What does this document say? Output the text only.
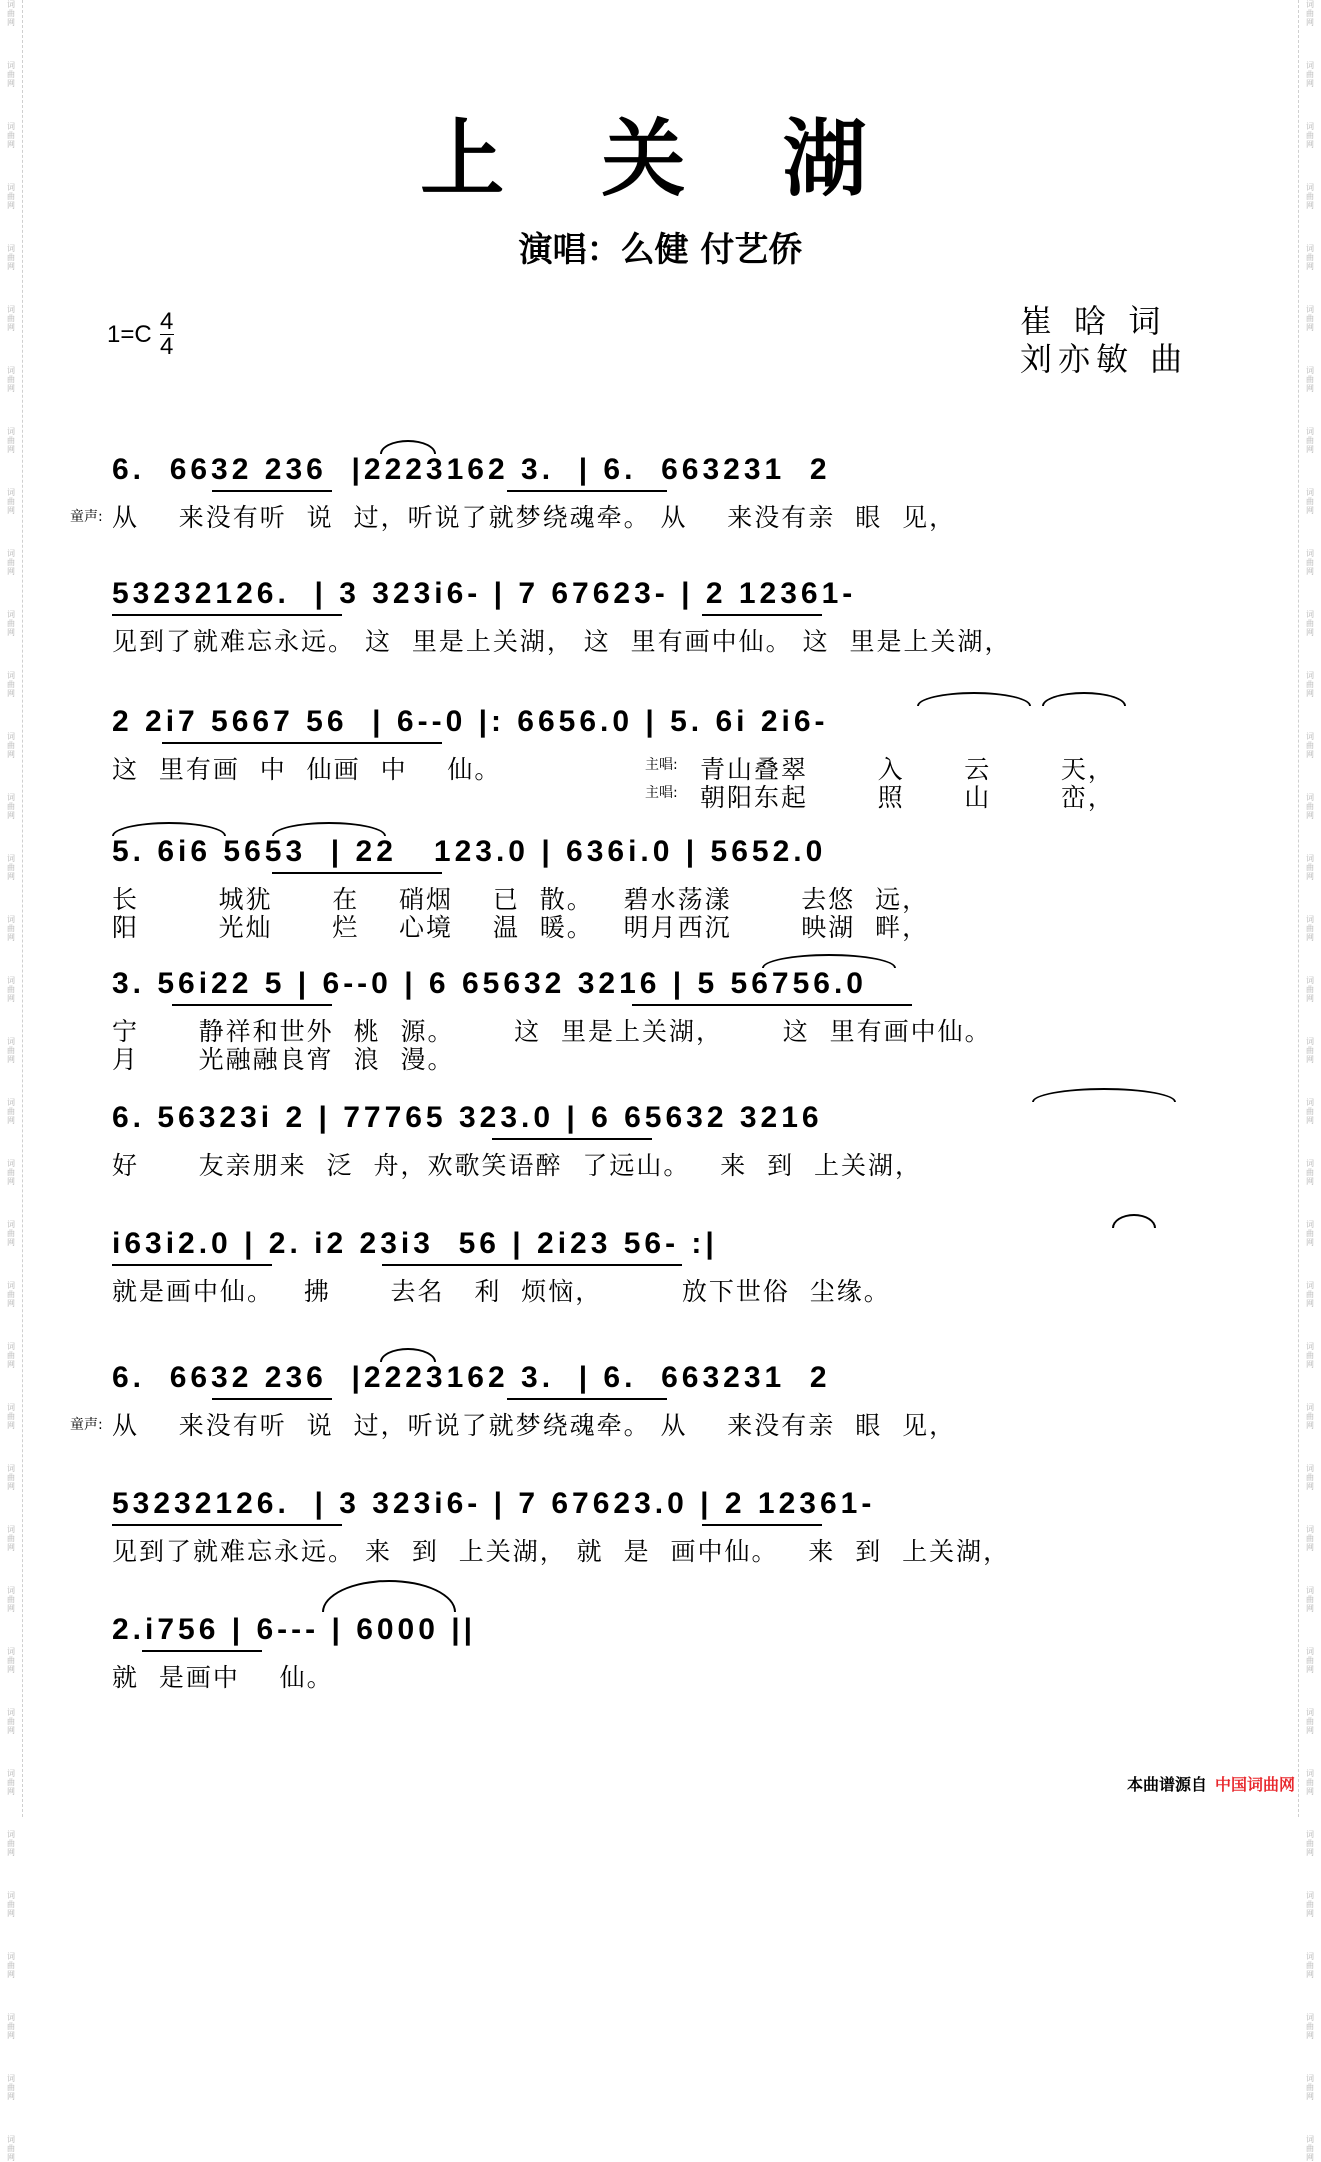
词曲网
词曲网
词曲网
词曲网
词曲网
词曲网
词曲网
词曲网
词曲网
词曲网
词曲网
词曲网
词曲网
词曲网
词曲网
词曲网
词曲网
词曲网
词曲网
词曲网
词曲网
词曲网
词曲网
词曲网
词曲网
词曲网
词曲网
词曲网
词曲网
词曲网
词曲网
词曲网
词曲网
词曲网
词曲网
词曲网
词曲网
词曲网
词曲网
词曲网
词曲网
词曲网
词曲网
词曲网
词曲网
词曲网
词曲网
词曲网
词曲网
词曲网
词曲网
词曲网
词曲网
词曲网
词曲网
词曲网
词曲网
词曲网
词曲网
词曲网
词曲网
词曲网
词曲网
词曲网
词曲网
词曲网
词曲网
词曲网
词曲网
词曲网
词曲网
词曲网
上 关 湖
演唱：么健 付艺侨
$1=C \frac{4}{4}$	崔 晗 词
刘亦敏 曲
6.  6632 236  |2223162 3.  | 6.  663231  2
从    来没有听  说  过，听说了就梦绕魂牵。 从    来没有亲  眼  见，
童声:
53232126.  | 3 323i6- | 7 67623- | 2 12361-
见到了就难忘永远。 这  里是上关湖， 这  里有画中仙。 这  里是上关湖，
2 2i7 5667 56  | 6--0 |: 6656.0 | 5. 6i 2i6-
这  里有画  中  仙画  中    仙。	青山叠翠       入      云       天，
朝阳东起       照      山       峦，
主唱:
主唱:
5. 6i6 5653  | 22   123.0 | 636i.0 | 5652.0
长        城犹      在    硝烟    已  散。   碧水荡漾       去悠  远，
阳        光灿      烂    心境    温  暖。   明月西沉       映湖  畔，
3. 56i22 5 | 6--0 | 6 65632 3216 | 5 56756.0
宁      静祥和世外  桃  源。      这  里是上关湖，      这  里有画中仙。
月      光融融良宵  浪  漫。
6. 56323i 2 | 77765 323.0 | 6 65632 3216
好      友亲朋来  泛  舟，欢歌笑语醉  了远山。   来  到  上关湖，
i63i2.0 | 2. i2 23i3  56 | 2i23 56- :|
就是画中仙。   拂      去名   利  烦恼，        放下世俗  尘缘。
6.  6632 236  |2223162 3.  | 6.  663231  2
从    来没有听  说  过，听说了就梦绕魂牵。 从    来没有亲  眼  见，
童声:
53232126.  | 3 323i6- | 7 67623.0 | 2 12361-
见到了就难忘永远。 来  到  上关湖， 就  是  画中仙。   来  到  上关湖，
2.i756 | 6--- | 6000 ||
就  是画中    仙。
本曲谱源自 中国词曲网
